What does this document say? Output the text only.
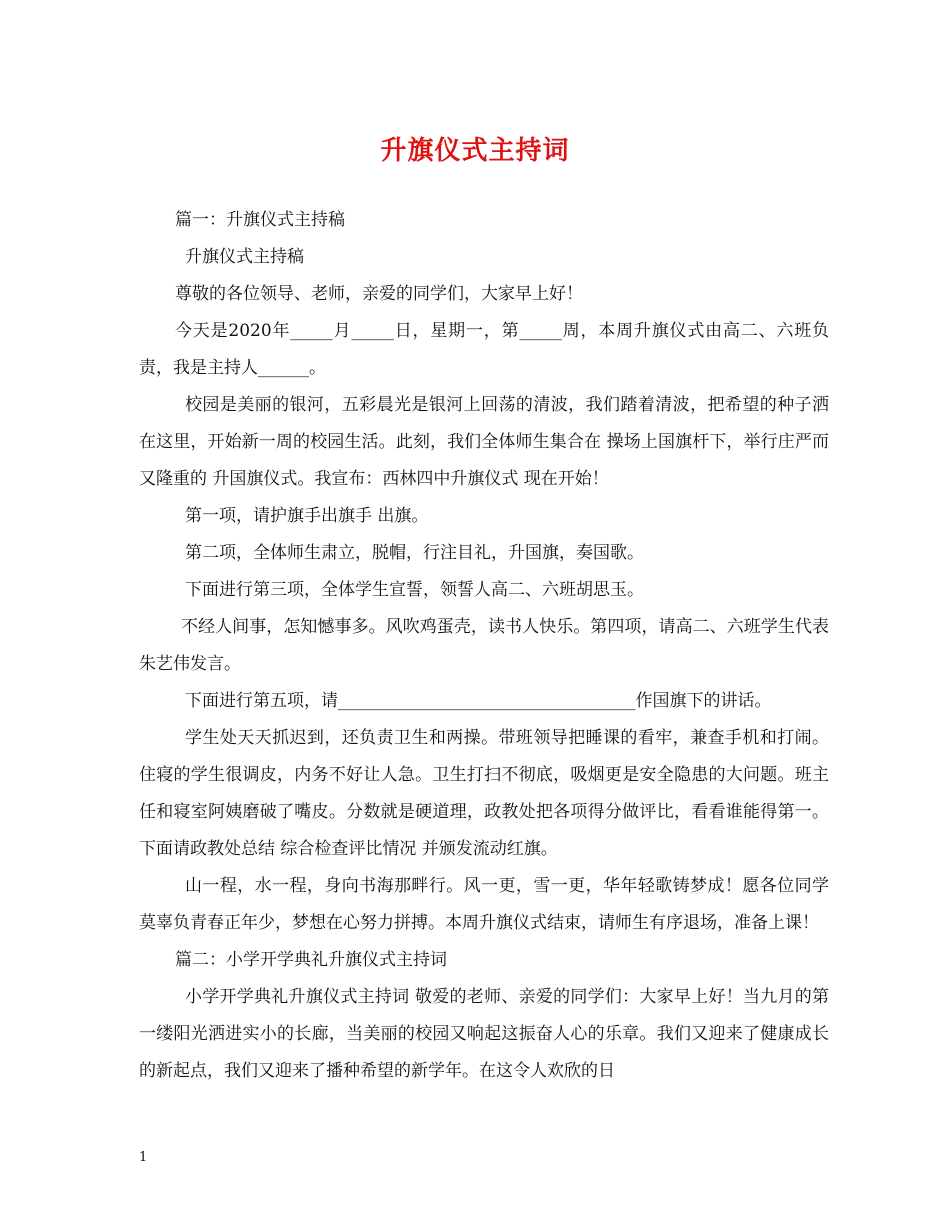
升旗仪式主持词

篇一：升旗仪式主持稿

升旗仪式主持稿

尊敬的各位领导、老师，亲爱的同学们，大家早上好！

今天是2020年_____月_____日，星期一，第_____周，本周升旗仪式由高二、六班负责，我是主持人______。

校园是美丽的银河，五彩晨光是银河上回荡的清波，我们踏着清波，把希望的种子洒在这里，开始新一周的校园生活。此刻，我们全体师生集合在 操场上国旗杆下，举行庄严而又隆重的 升国旗仪式。我宣布：西林四中升旗仪式 现在开始！

第一项，请护旗手出旗手 出旗。

第二项，全体师生肃立，脱帽，行注目礼，升国旗，奏国歌。

下面进行第三项，全体学生宣誓，领誓人高二、六班胡思玉。

不经人间事，怎知憾事多。风吹鸡蛋壳，读书人快乐。第四项，请高二、六班学生代表朱艺伟发言。

下面进行第五项，请___________________________________作国旗下的讲话。

学生处天天抓迟到，还负责卫生和两操。带班领导把睡课的看牢，兼查手机和打闹。住寝的学生很调皮，内务不好让人急。卫生打扫不彻底，吸烟更是安全隐患的大问题。班主任和寝室阿姨磨破了嘴皮。分数就是硬道理，政教处把各项得分做评比，看看谁能得第一。 下面请政教处总结 综合检查评比情况 并颁发流动红旗。

山一程，水一程，身向书海那畔行。风一更，雪一更，华年轻歌铸梦成！愿各位同学莫辜负青春正年少，梦想在心努力拼搏。本周升旗仪式结束，请师生有序退场，准备上课！

篇二：小学开学典礼升旗仪式主持词

小学开学典礼升旗仪式主持词 敬爱的老师、亲爱的同学们：大家早上好！当九月的第一缕阳光洒进实小的长廊，当美丽的校园又响起这振奋人心的乐章。我们又迎来了健康成长的新起点，我们又迎来了播种希望的新学年。在这令人欢欣的日

1
